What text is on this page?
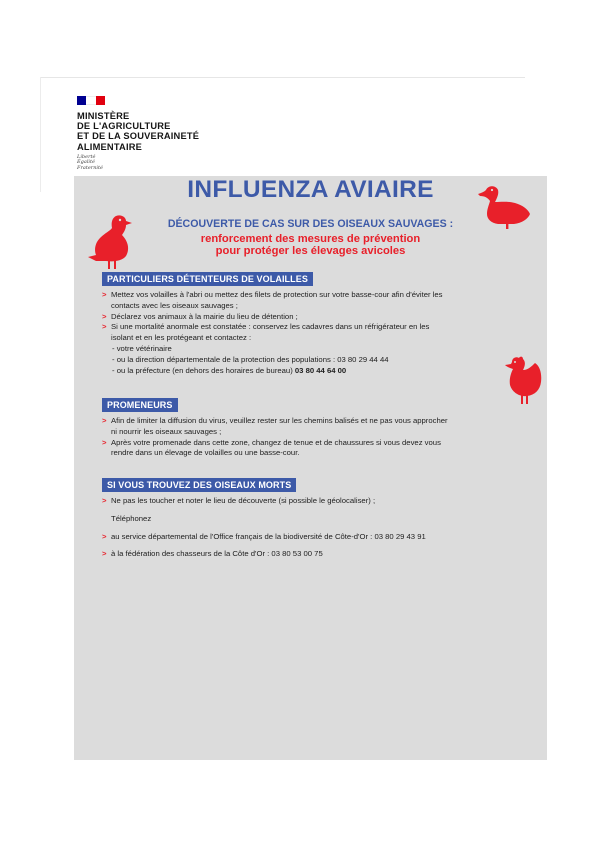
MINISTÈRE
DE L'AGRICULTURE
ET DE LA SOUVERAINETÉ
ALIMENTAIRE
Liberté
Égalité
Fraternité
INFLUENZA AVIAIRE

DÉCOUVERTE DE CAS SUR DES OISEAUX SAUVAGES :

renforcement des mesures de prévention

pour protéger les élevages avicoles

PARTICULIERS DÉTENTEURS DE VOLAILLES
> Mettez vos volailles à l'abri ou mettez des filets de protection sur votre basse-cour afin d'éviter les
contacts avec les oiseaux sauvages ;
> Déclarez vos animaux à la mairie du lieu de détention ;
> Si une mortalité anormale est constatée : conservez les cadavres dans un réfrigérateur en les
isolant et en les protégeant et contactez :
- votre vétérinaire
- ou la direction départementale de la protection des populations : 03 80 29 44 44
- ou la préfecture (en dehors des horaires de bureau) 03 80 44 64 00
PROMENEURS
> Afin de limiter la diffusion du virus, veuillez rester sur les chemins balisés et ne pas vous approcher
ni nourrir les oiseaux sauvages ;
> Après votre promenade dans cette zone, changez de tenue et de chaussures si vous devez vous
rendre dans un élevage de volailles ou une basse-cour.
SI VOUS TROUVEZ DES OISEAUX MORTS
> Ne pas les toucher et noter le lieu de découverte (si possible le géolocaliser) ;
Téléphonez
> au service départemental de l'Office français de la biodiversité de Côte-d'Or : 03 80 29 43 91
> à la fédération des chasseurs de la Côte d'Or : 03 80 53 00 75
